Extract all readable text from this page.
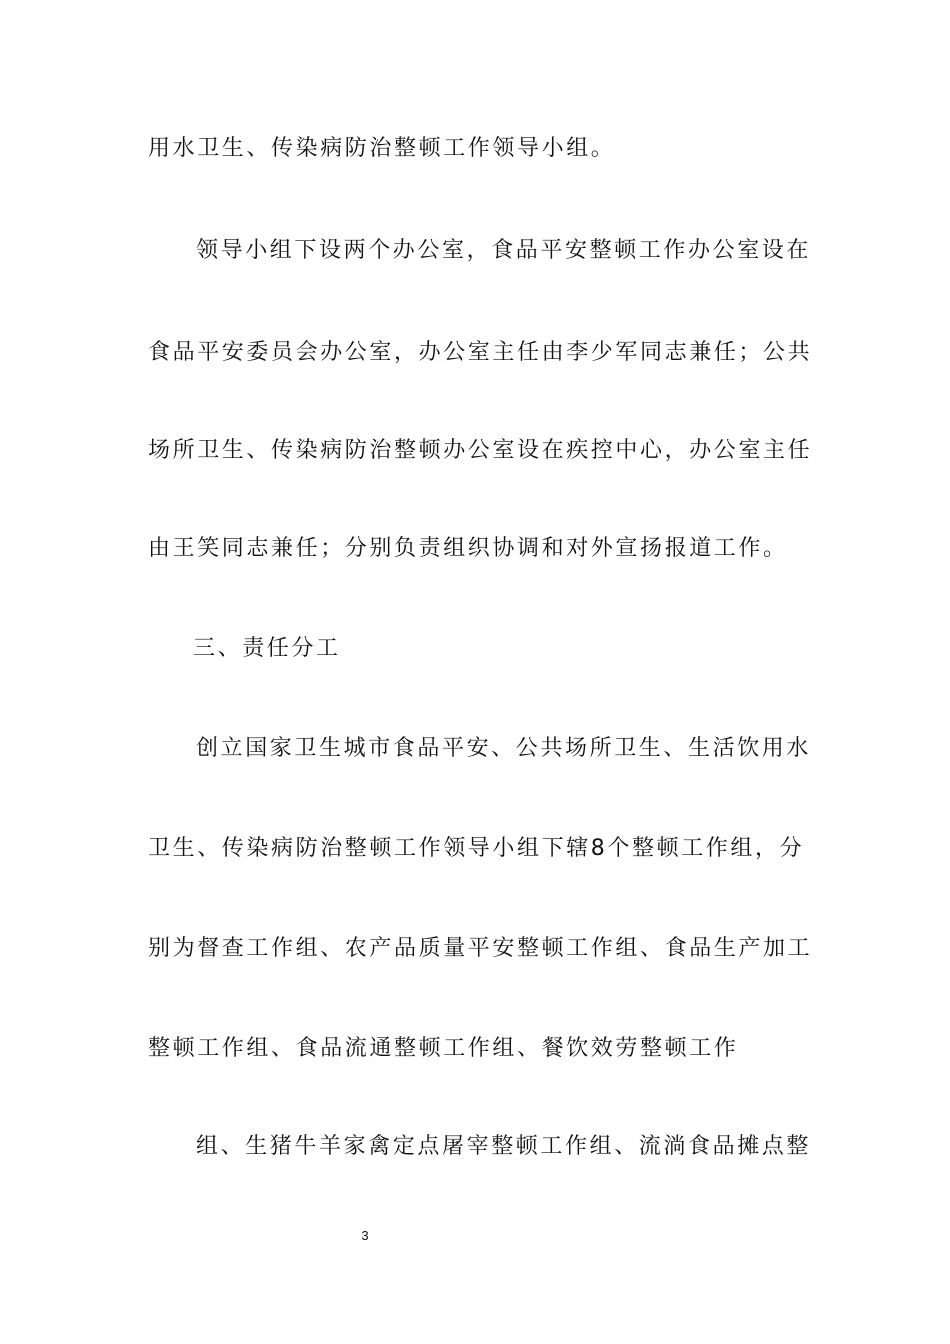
用水卫生、传染病防治整顿工作领导小组。
领导小组下设两个办公室，食品平安整顿工作办公室设在
食品平安委员会办公室，办公室主任由李少军同志兼任；公共
场所卫生、传染病防治整顿办公室设在疾控中心，办公室主任
由王笑同志兼任；分别负责组织协调和对外宣扬报道工作。
三、责任分工
创立国家卫生城市食品平安、公共场所卫生、生活饮用水
卫生、传染病防治整顿工作领导小组下辖8个整顿工作组，分
别为督查工作组、农产品质量平安整顿工作组、食品生产加工
整顿工作组、食品流通整顿工作组、餐饮效劳整顿工作
组、生猪牛羊家禽定点屠宰整顿工作组、流淌食品摊点整
3
